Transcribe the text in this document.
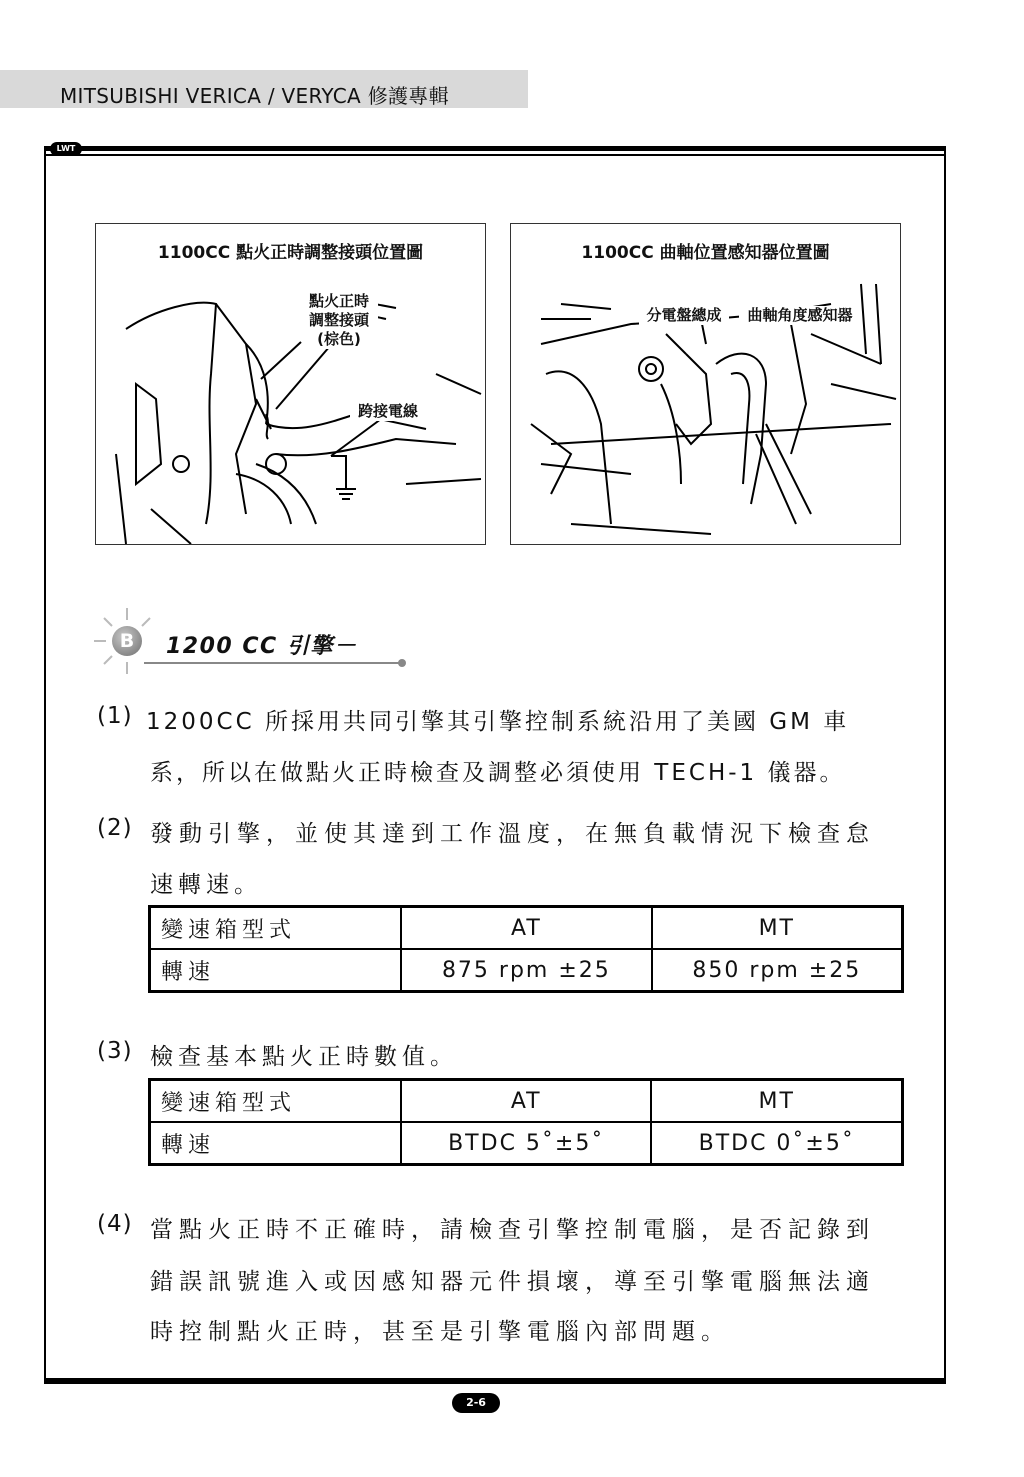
MITSUBISHI VERICA / VERYCA 修護專輯
LWT
1100CC 點火正時調整接頭位置圖
點火正時
調整接頭
(棕色)
跨接電線
1100CC 曲軸位置感知器位置圖
分電盤總成	曲軸角度感知器
B	1200 CC 引擎－
(1) 1200CC 所採用共同引擎其引擎控制系統沿用了美國 GM 車
系，所以在做點火正時檢查及調整必須使用 TECH-1 儀器。
(2) 發動引擎，並使其達到工作溫度，在無負載情況下檢查怠
速轉速。
變速箱型式	AT	MT
轉速	875 rpm ±25	850 rpm ±25
(3) 檢查基本點火正時數值。
變速箱型式	AT	MT
轉速	BTDC 5˚±5˚	BTDC 0˚±5˚
(4) 當點火正時不正確時，請檢查引擎控制電腦，是否記錄到
錯誤訊號進入或因感知器元件損壞，導至引擎電腦無法適
時控制點火正時，甚至是引擎電腦內部問題。
2-6
